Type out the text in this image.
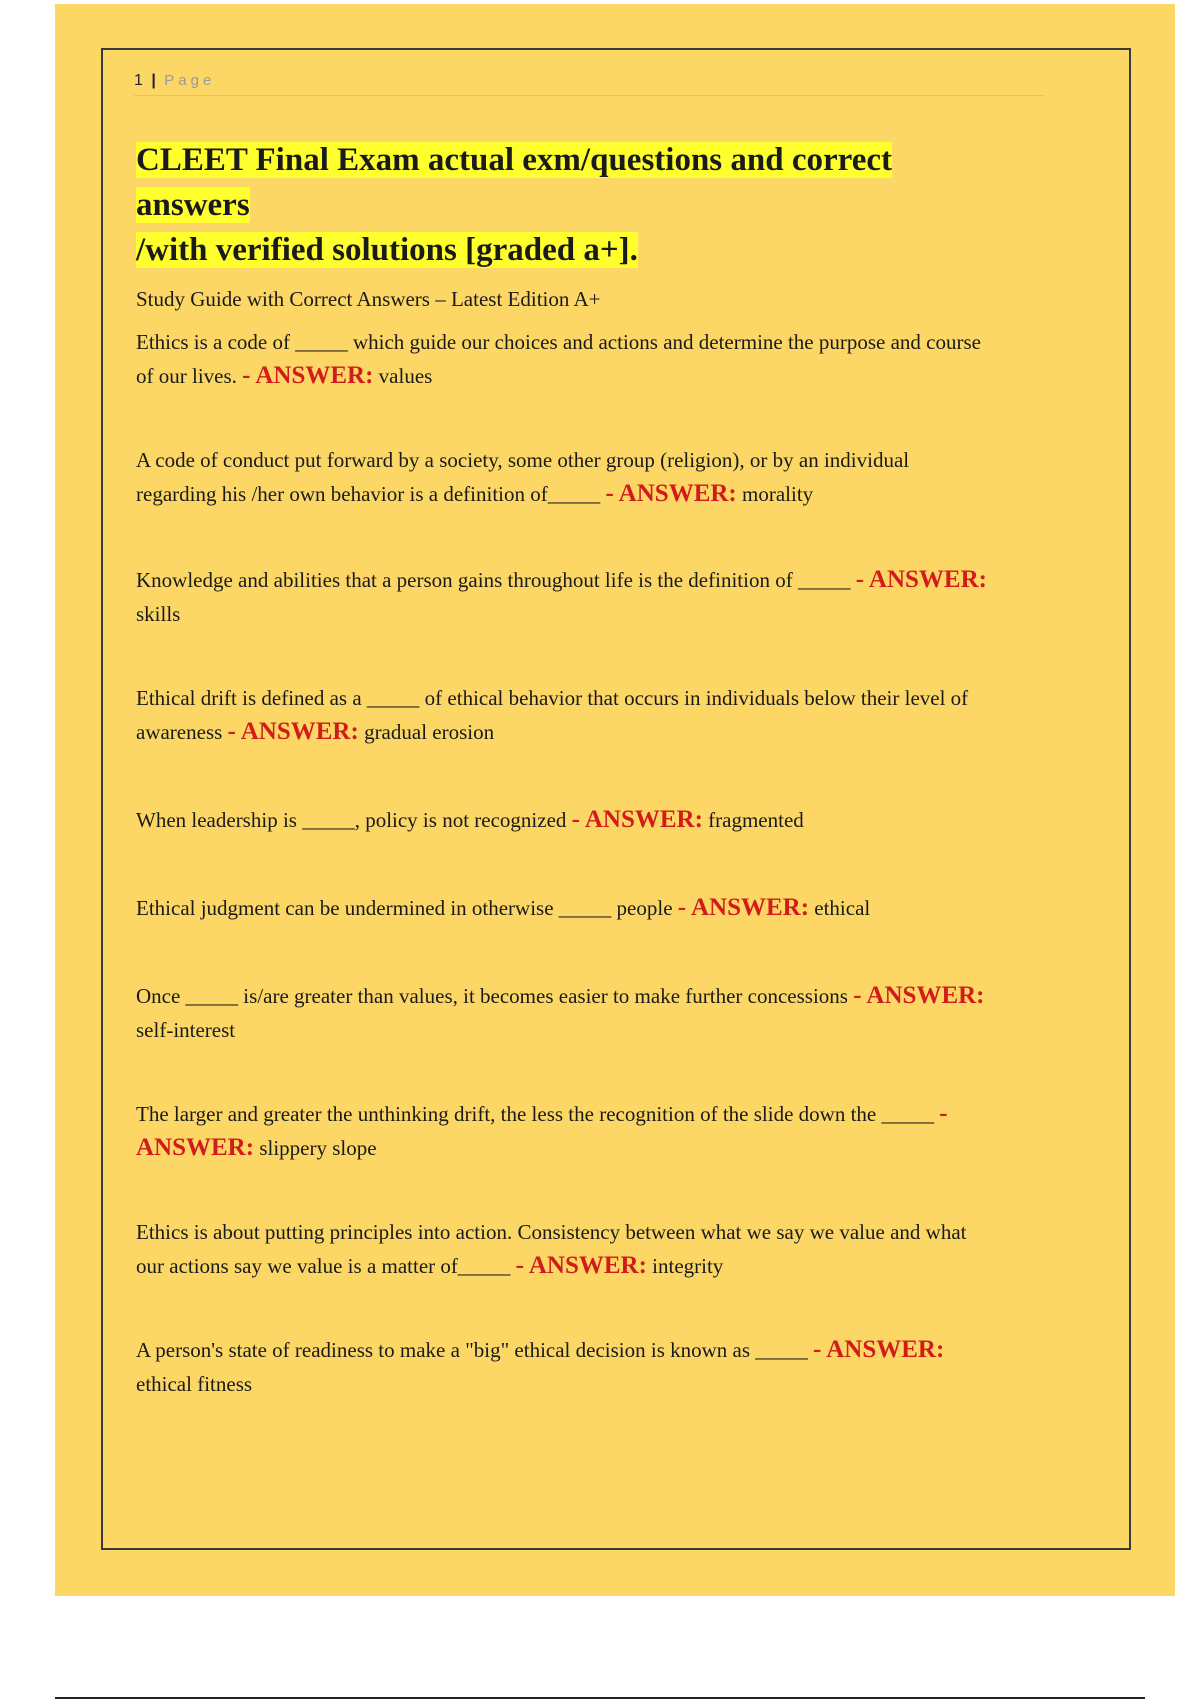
1 | Page
CLEET Final Exam actual exm/questions and correct answers
/with verified solutions [graded a+].

Study Guide with Correct Answers – Latest Edition A+

Ethics is a code of _____ which guide our choices and actions and determine the purpose and course of our lives. - ANSWER: values

A code of conduct put forward by a society, some other group (religion), or by an individual regarding his /her own behavior is a definition of_____ - ANSWER: morality

Knowledge and abilities that a person gains throughout life is the definition of _____ - ANSWER: skills

Ethical drift is defined as a _____ of ethical behavior that occurs in individuals below their level of awareness - ANSWER: gradual erosion

When leadership is _____, policy is not recognized - ANSWER: fragmented

Ethical judgment can be undermined in otherwise _____ people - ANSWER: ethical

Once _____ is/are greater than values, it becomes easier to make further concessions - ANSWER: self-interest

The larger and greater the unthinking drift, the less the recognition of the slide down the _____ - ANSWER: slippery slope

Ethics is about putting principles into action. Consistency between what we say we value and what our actions say we value is a matter of_____ - ANSWER: integrity

A person's state of readiness to make a "big" ethical decision is known as _____ - ANSWER: ethical fitness
